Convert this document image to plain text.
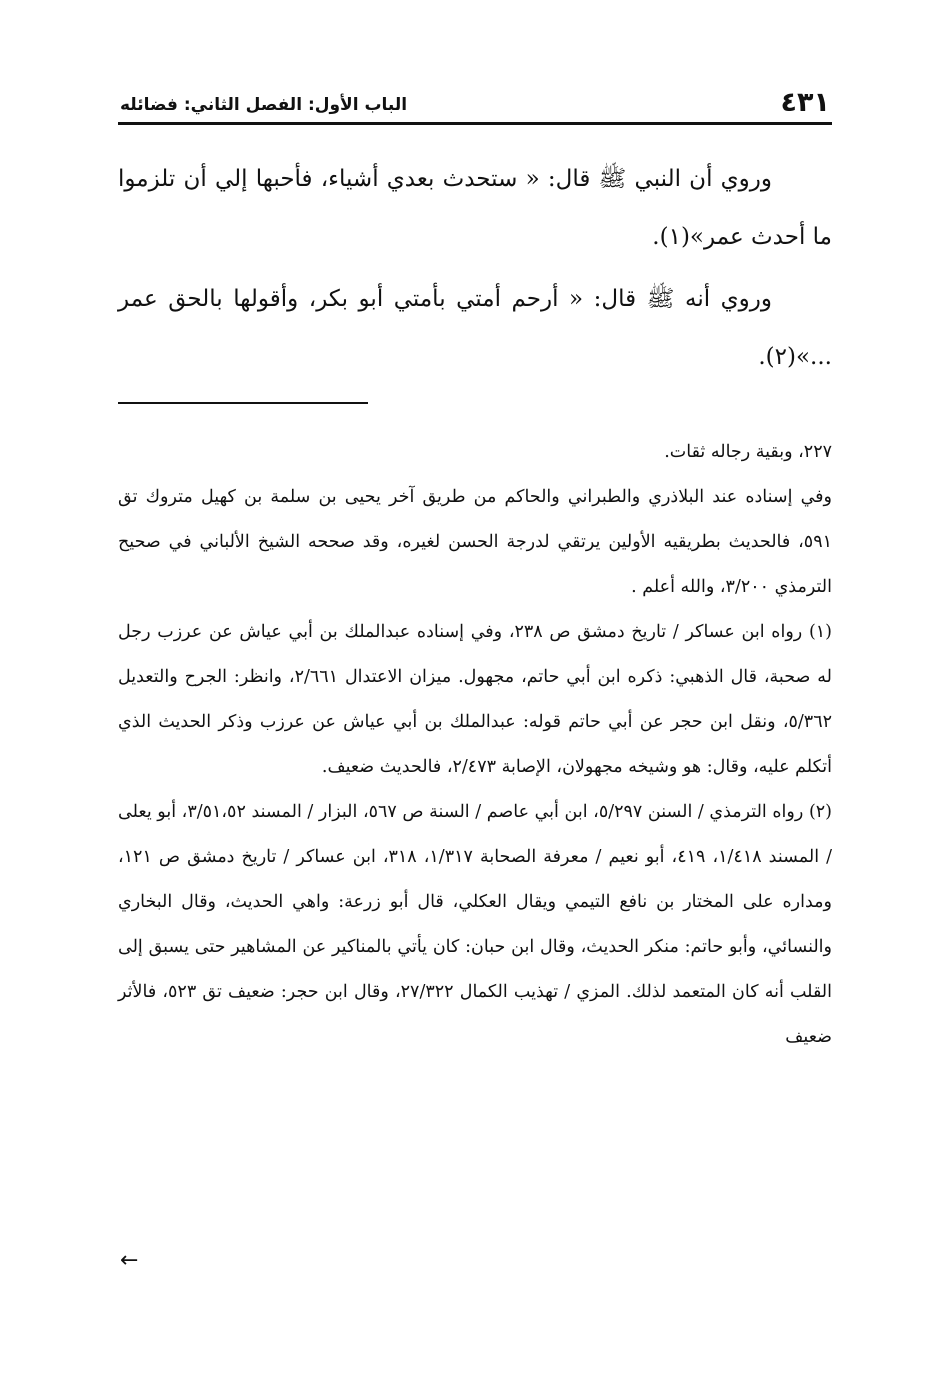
٤٣١
الباب الأول: الفصل الثاني: فضائله

وروي أن النبي ﷺ قال: « ستحدث بعدي أشياء، فأحبها إلي أن تلزموا ما أحدث عمر»(١).

وروي أنه ﷺ قال: « أرحم أمتي بأمتي أبو بكر، وأقولها بالحق عمر ...»(٢).

٢٢٧، وبقية رجاله ثقات.

وفي إسناده عند البلاذري والطبراني والحاكم من طريق آخر يحيى بن سلمة بن كهيل متروك تق ٥٩١، فالحديث بطريقيه الأولين يرتقي لدرجة الحسن لغيره، وقد صححه الشيخ الألباني في صحيح الترمذي ٣/٢٠٠، والله أعلم .

(١) رواه ابن عساكر / تاريخ دمشق ص ٢٣٨، وفي إسناده عبدالملك بن أبي عياش عن عرزب رجل له صحبة، قال الذهبي: ذكره ابن أبي حاتم، مجهول. ميزان الاعتدال ٢/٦٦١، وانظر: الجرح والتعديل ٥/٣٦٢، ونقل ابن حجر عن أبي حاتم قوله: عبدالملك بن أبي عياش عن عرزب وذكر الحديث الذي أتكلم عليه، وقال: هو وشيخه مجهولان، الإصابة ٢/٤٧٣، فالحديث ضعيف.

(٢) رواه الترمذي / السنن ٥/٢٩٧، ابن أبي عاصم / السنة ص ٥٦٧، البزار / المسند ٣/٥١،٥٢، أبو يعلى / المسند ١/٤١٨، ٤١٩، أبو نعيم / معرفة الصحابة ١/٣١٧، ٣١٨، ابن عساكر / تاريخ دمشق ص ١٢١، ومداره على المختار بن نافع التيمي ويقال العكلي، قال أبو زرعة: واهي الحديث، وقال البخاري والنسائي، وأبو حاتم: منكر الحديث، وقال ابن حبان: كان يأتي بالمناكير عن المشاهير حتى يسبق إلى القلب أنه كان المتعمد لذلك. المزي / تهذيب الكمال ٢٧/٣٢٢، وقال ابن حجر: ضعيف تق ٥٢٣، فالأثر ضعيف

←
